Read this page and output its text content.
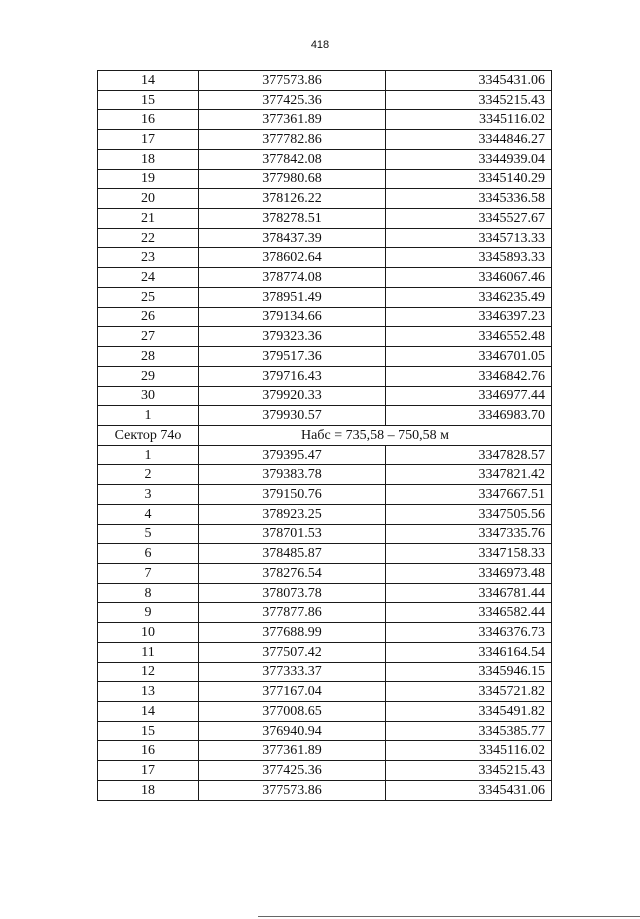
418
14	377573.86	3345431.06
15	377425.36	3345215.43
16	377361.89	3345116.02
17	377782.86	3344846.27
18	377842.08	3344939.04
19	377980.68	3345140.29
20	378126.22	3345336.58
21	378278.51	3345527.67
22	378437.39	3345713.33
23	378602.64	3345893.33
24	378774.08	3346067.46
25	378951.49	3346235.49
26	379134.66	3346397.23
27	379323.36	3346552.48
28	379517.36	3346701.05
29	379716.43	3346842.76
30	379920.33	3346977.44
1	379930.57	3346983.70
Сектор 74о	Набс = 735,58 – 750,58 м	
1	379395.47	3347828.57
2	379383.78	3347821.42
3	379150.76	3347667.51
4	378923.25	3347505.56
5	378701.53	3347335.76
6	378485.87	3347158.33
7	378276.54	3346973.48
8	378073.78	3346781.44
9	377877.86	3346582.44
10	377688.99	3346376.73
11	377507.42	3346164.54
12	377333.37	3345946.15
13	377167.04	3345721.82
14	377008.65	3345491.82
15	376940.94	3345385.77
16	377361.89	3345116.02
17	377425.36	3345215.43
18	377573.86	3345431.06
